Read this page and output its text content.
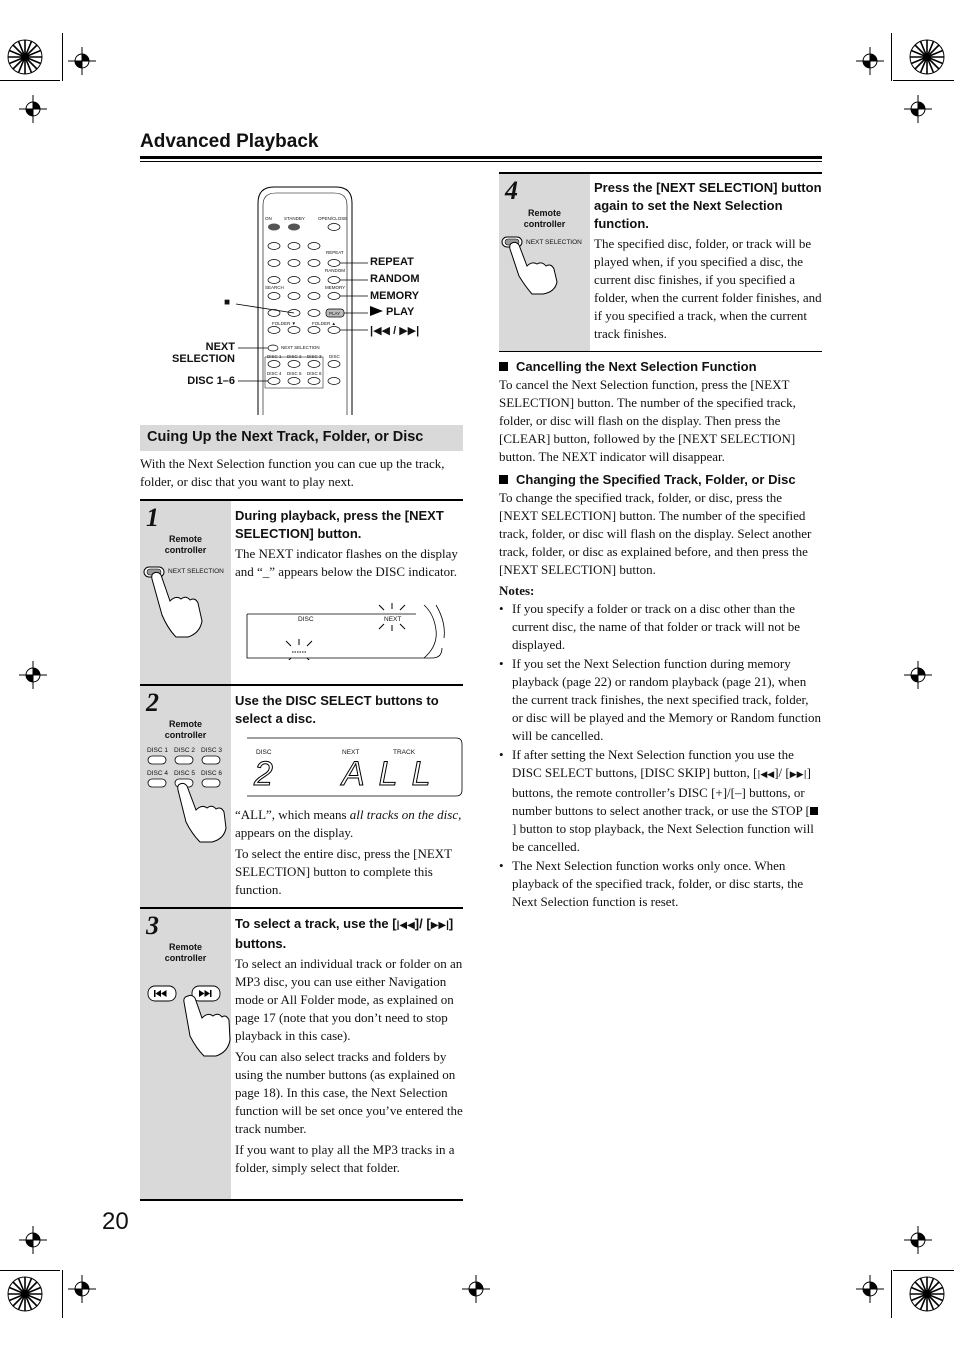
Advanced Playback
ON	STANDBY	OPEN/CLOSE
REPEAT
RANDOM
SEARCH	MEMORY
PLAY
FOLDER ▼	FOLDER ▲
NEXT SELECTION
DISC 1 DISC 2 DISC 3 DISC
DISC 4 DISC 5 DISC 6
REPEAT
RANDOM
MEMORY
PLAY
|◀◀ / ▶▶|
■
NEXT SELECTION
DISC 1–6
Cuing Up the Next Track, Folder, or Disc

With the Next Selection function you can cue up the track, folder, or disc that you want to play next.

1
Remote controller
NEXT SELECTION
During playback, press the [NEXT SELECTION] button.

The NEXT indicator flashes on the display and “_” appears below the DISC indicator.

DISC	NEXT
2
Remote controller
DISC 1 DISC 2 DISC 3
DISC 4 DISC 5 DISC 6
Use the DISC SELECT buttons to select a disc.
DISC	NEXT	TRACK
2 ALL

“ALL”, which means all tracks on the disc, appears on the display.

To select the entire disc, press the [NEXT SELECTION] button to complete this function.

3
Remote controller
To select a track, use the [|◀◀]/ [▶▶|] buttons.

To select an individual track or folder on an MP3 disc, you can use either Navigation mode or All Folder mode, as explained on page 17 (note that you don’t need to stop playback in this case).

You can also select tracks and folders by using the number buttons (as explained on page 18). In this case, the Next Selection function will be set once you’ve entered the track number.

If you want to play all the MP3 tracks in a folder, simply select that folder.

4
Remote controller
NEXT SELECTION
Press the [NEXT SELECTION] button again to set the Next Selection function.

The specified disc, folder, or track will be played when, if you specified a disc, the current disc finishes, if you specified a folder, when the current folder finishes, and if you specified a track, when the current track finishes.

Cancelling the Next Selection Function

To cancel the Next Selection function, press the [NEXT SELECTION] button. The number of the specified track, folder, or disc will flash on the display. Then press the [CLEAR] button, followed by the [NEXT SELECTION] button. The NEXT indicator will disappear.

Changing the Specified Track, Folder, or Disc

To change the specified track, folder, or disc, press the [NEXT SELECTION] button. The number of the specified track, folder, or disc will flash on the display. Select another track, folder, or disc as explained before, and then press the [NEXT SELECTION] button.

Notes:
• If you specify a folder or track on a disc other than the current disc, the name of that folder or track will not be displayed.
• If you set the Next Selection function during memory playback (page 22) or random playback (page 21), when the current track finishes, the next specified track, folder, or disc will be played and the Memory or Random function will be cancelled.
• If after setting the Next Selection function you use the DISC SELECT buttons, [DISC SKIP] button, [|◀◀]/ [▶▶|] buttons, the remote controller’s DISC [+]/[–] buttons, or number buttons to select another track, or use the STOP [] button to stop playback, the Next Selection function will be cancelled.
• The Next Selection function works only once. When playback of the specified track, folder, or disc starts, the Next Selection function is reset.
20
